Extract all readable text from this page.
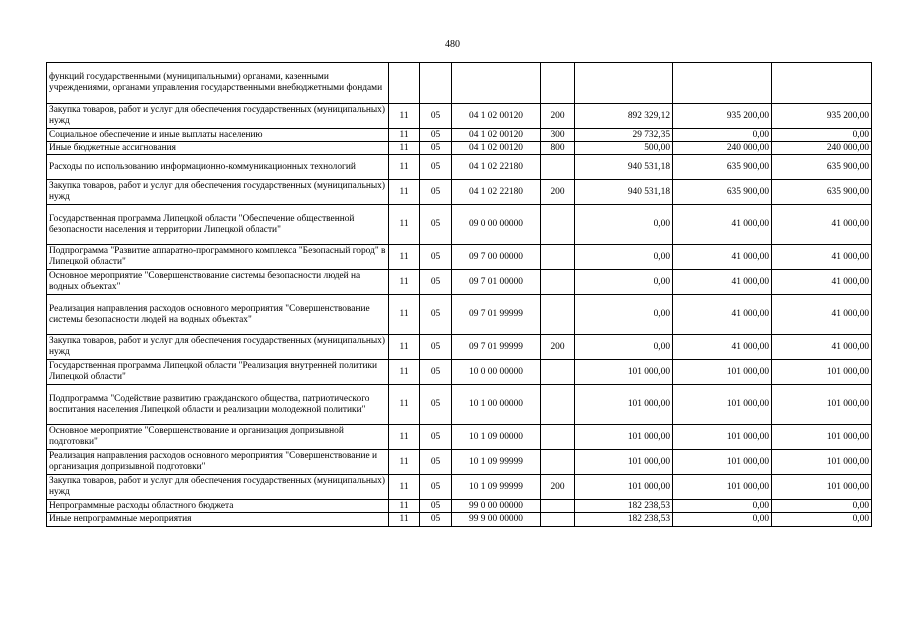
480
функций государственными (муниципальными) органами, казенными учреждениями, органами управления государственными внебюджетными фондами							
Закупка товаров, работ и услуг для обеспечения государственных (муниципальных) нужд	11	05	04 1 02 00120	200	892 329,12	935 200,00	935 200,00
Социальное обеспечение и иные выплаты населению	11	05	04 1 02 00120	300	29 732,35	0,00	0,00
Иные бюджетные ассигнования	11	05	04 1 02 00120	800	500,00	240 000,00	240 000,00
Расходы по использованию информационно-коммуникационных технологий	11	05	04 1 02 22180		940 531,18	635 900,00	635 900,00
Закупка товаров, работ и услуг для обеспечения государственных (муниципальных) нужд	11	05	04 1 02 22180	200	940 531,18	635 900,00	635 900,00
Государственная программа Липецкой области "Обеспечение общественной безопасности населения и территории Липецкой области"	11	05	09 0 00 00000		0,00	41 000,00	41 000,00
Подпрограмма "Развитие аппаратно-программного комплекса "Безопасный город" в Липецкой области"	11	05	09 7 00 00000		0,00	41 000,00	41 000,00
Основное мероприятие "Совершенствование системы безопасности людей на водных объектах"	11	05	09 7 01 00000		0,00	41 000,00	41 000,00
Реализация направления расходов основного мероприятия "Совершенствование системы безопасности людей на водных объектах"	11	05	09 7 01 99999		0,00	41 000,00	41 000,00
Закупка товаров, работ и услуг для обеспечения государственных (муниципальных) нужд	11	05	09 7 01 99999	200	0,00	41 000,00	41 000,00
Государственная программа Липецкой области "Реализация внутренней политики Липецкой области"	11	05	10 0 00 00000		101 000,00	101 000,00	101 000,00
Подпрограмма "Содействие развитию гражданского общества, патриотического воспитания населения Липецкой области и реализации молодежной политики"	11	05	10 1 00 00000		101 000,00	101 000,00	101 000,00
Основное мероприятие "Совершенствование и организация допризывной подготовки"	11	05	10 1 09 00000		101 000,00	101 000,00	101 000,00
Реализация направления расходов основного мероприятия "Совершенствование и организация допризывной подготовки"	11	05	10 1 09 99999		101 000,00	101 000,00	101 000,00
Закупка товаров, работ и услуг для обеспечения государственных (муниципальных) нужд	11	05	10 1 09 99999	200	101 000,00	101 000,00	101 000,00
Непрограммные расходы областного бюджета	11	05	99 0 00 00000		182 238,53	0,00	0,00
Иные непрограммные мероприятия	11	05	99 9 00 00000		182 238,53	0,00	0,00
